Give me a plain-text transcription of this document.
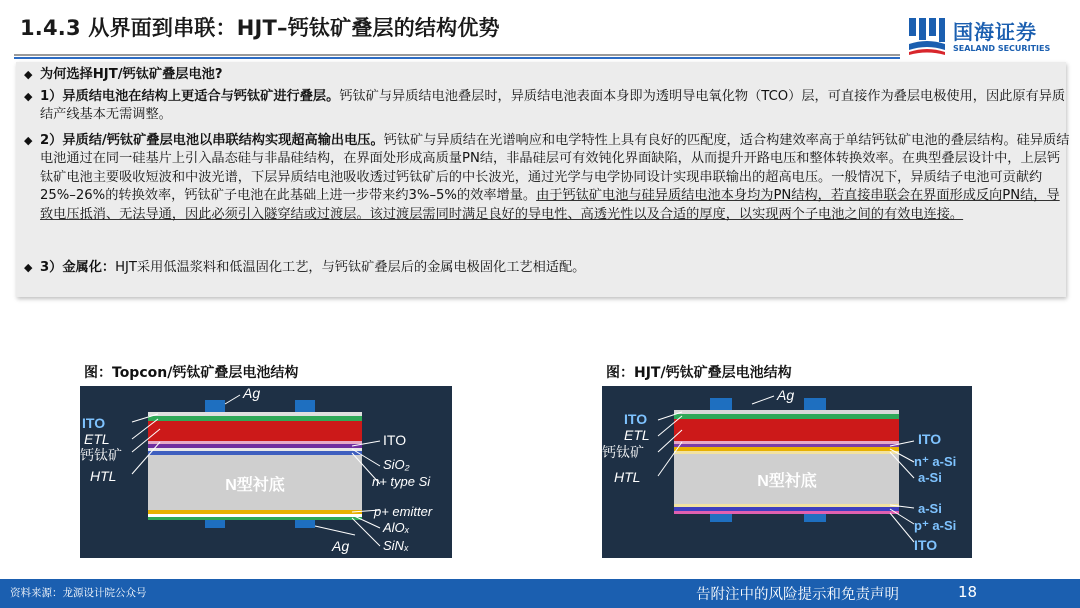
1.4.3 从界面到串联：HJT–钙钛矿叠层的结构优势	国海证券
SEALAND SECURITIES
◆ 为何选择HJT/钙钛矿叠层电池?
◆ 1）异质结电池在结构上更适合与钙钛矿进行叠层。钙钛矿与异质结电池叠层时，异质结电池表面本身即为透明导电氧化物（TCO）层，可直接作为叠层电极使用，因此原有异质结产线基本无需调整。
◆ 2）异质结/钙钛矿叠层电池以串联结构实现超高输出电压。钙钛矿与异质结在光谱响应和电学特性上具有良好的匹配度，适合构建效率高于单结钙钛矿电池的叠层结构。硅异质结电池通过在同一硅基片上引入晶态硅与非晶硅结构，在界面处形成高质量PN结，非晶硅层可有效钝化界面缺陷，从而提升开路电压和整体转换效率。在典型叠层设计中，上层钙钛矿电池主要吸收短波和中波光谱，下层异质结电池吸收透过钙钛矿后的中长波光，通过光学与电学协同设计实现串联输出的超高电压。一般情况下，异质结子电池可贡献约25%–26%的转换效率，钙钛矿子电池在此基础上进一步带来约3%–5%的效率增量。由于钙钛矿电池与硅异质结电池本身均为PN结构，若直接串联会在界面形成反向PN结，导致电压抵消、无法导通，因此必须引入隧穿结或过渡层。该过渡层需同时满足良好的导电性、高透光性以及合适的厚度，以实现两个子电池之间的有效电连接。
◆ 3）金属化：HJT采用低温浆料和低温固化工艺，与钙钛矿叠层后的金属电极固化工艺相适配。
图：Topcon/钙钛矿叠层电池结构
N型衬底
Ag
ITO
ETL
钙钛矿
HTL
ITO
SiO₂
n+ type Si
p+ emitter
AlOₓ
SiNₓ
Ag
图：HJT/钙钛矿叠层电池结构
N型衬底
Ag
ITO
ETL
钙钛矿
HTL
ITO
n⁺ a-Si
a-Si
a-Si
p⁺ a-Si
ITO
资料来源：龙源设计院公众号	告附注中的风险提示和免责声明	18
